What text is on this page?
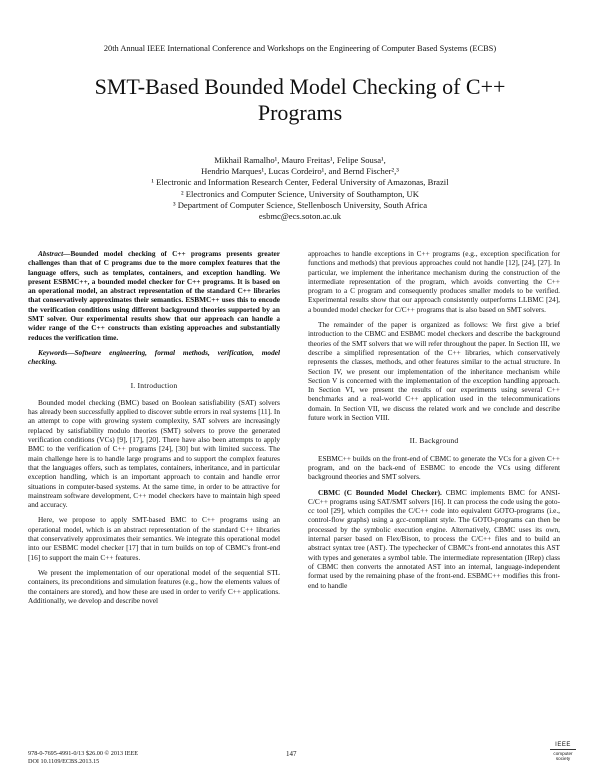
20th Annual IEEE International Conference and Workshops on the Engineering of Computer Based Systems (ECBS)
SMT-Based Bounded Model Checking of C++
Programs
Mikhail Ramalho¹, Mauro Freitas¹, Felipe Sousa¹,
Hendrio Marques¹, Lucas Cordeiro¹, and Bernd Fischer²,³
¹ Electronic and Information Research Center, Federal University of Amazonas, Brazil
² Electronics and Computer Science, University of Southampton, UK
³ Department of Computer Science, Stellenbosch University, South Africa
esbmc@ecs.soton.ac.uk

Abstract—Bounded model checking of C++ programs presents greater challenges than that of C programs due to the more complex features that the language offers, such as templates, containers, and exception handling. We present ESBMC++, a bounded model checker for C++ programs. It is based on an operational model, an abstract representation of the standard C++ libraries that conservatively approximates their semantics. ESBMC++ uses this to encode the verification conditions using different background theories supported by an SMT solver. Our experimental results show that our approach can handle a wider range of the C++ constructs than existing approaches and substantially reduces the verification time.

Keywords—Software engineering, formal methods, verification, model checking.

I. Introduction

Bounded model checking (BMC) based on Boolean satisfiability (SAT) solvers has already been successfully applied to discover subtle errors in real systems [11]. In an attempt to cope with growing system complexity, SAT solvers are increasingly replaced by satisfiability modulo theories (SMT) solvers to prove the generated verification conditions (VCs) [9], [17], [20]. There have also been attempts to apply BMC to the verification of C++ programs [24], [30] but with limited success. The main challenge here is to handle large programs and to support the complex features that the languages offers, such as templates, containers, inheritance, and in particular exception handling, which is an important approach to contain and handle error situations in computer-based systems. At the same time, in order to be attractive for mainstream software development, C++ model checkers have to maintain high speed and accuracy.

Here, we propose to apply SMT-based BMC to C++ programs using an operational model, which is an abstract representation of the standard C++ libraries that conservatively approximates their semantics. We integrate this operational model into our ESBMC model checker [17] that in turn builds on top of CBMC's front-end [16] to support the main C++ features.

We present the implementation of our operational model of the sequential STL containers, its preconditions and simulation features (e.g., how the elements values of the containers are stored), and how these are used in order to verify C++ applications. Additionally, we develop and describe novel

approaches to handle exceptions in C++ programs (e.g., exception specification for functions and methods) that previous approaches could not handle [12], [24], [27]. In particular, we implement the inheritance mechanism during the construction of the intermediate representation of the program, which avoids converting the C++ program to a C program and consequently produces smaller models to be verified. Experimental results show that our approach consistently outperforms LLBMC [24], a bounded model checker for C/C++ programs that is also based on SMT solvers.

The remainder of the paper is organized as follows: We first give a brief introduction to the CBMC and ESBMC model checkers and describe the background theories of the SMT solvers that we will refer throughout the paper. In Section III, we describe a simplified representation of the C++ libraries, which conservatively represents the classes, methods, and other features similar to the actual structure. In Section IV, we present our implementation of the inheritance mechanism while Section V is concerned with the implementation of the exception handling approach. In Section VI, we present the results of our experiments using several C++ benchmarks and a real-world C++ application used in the telecommunications domain. In Section VII, we discuss the related work and we conclude and describe future work in Section VIII.

II. Background

ESBMC++ builds on the front-end of CBMC to generate the VCs for a given C++ program, and on the back-end of ESBMC to encode the VCs using different background theories and SMT solvers.

CBMC (C Bounded Model Checker). CBMC implements BMC for ANSI-C/C++ programs using SAT/SMT solvers [16]. It can process the code using the goto-cc tool [29], which compiles the C/C++ code into equivalent GOTO-programs (i.e., control-flow graphs) using a gcc-compliant style. The GOTO-programs can then be processed by the symbolic execution engine. Alternatively, CBMC uses its own, internal parser based on Flex/Bison, to process the C/C++ files and to build an abstract syntax tree (AST). The typechecker of CBMC's front-end annotates this AST with types and generates a symbol table. The intermediate representation (IRep) class of CBMC then converts the annotated AST into an internal, language-independent format used by the remaining phase of the front-end. ESBMC++ modifies this front-end to handle

978-0-7695-4991-0/13 $26.00 © 2013 IEEE
DOI 10.1109/ECBS.2013.15
147
IEEE
computer society
